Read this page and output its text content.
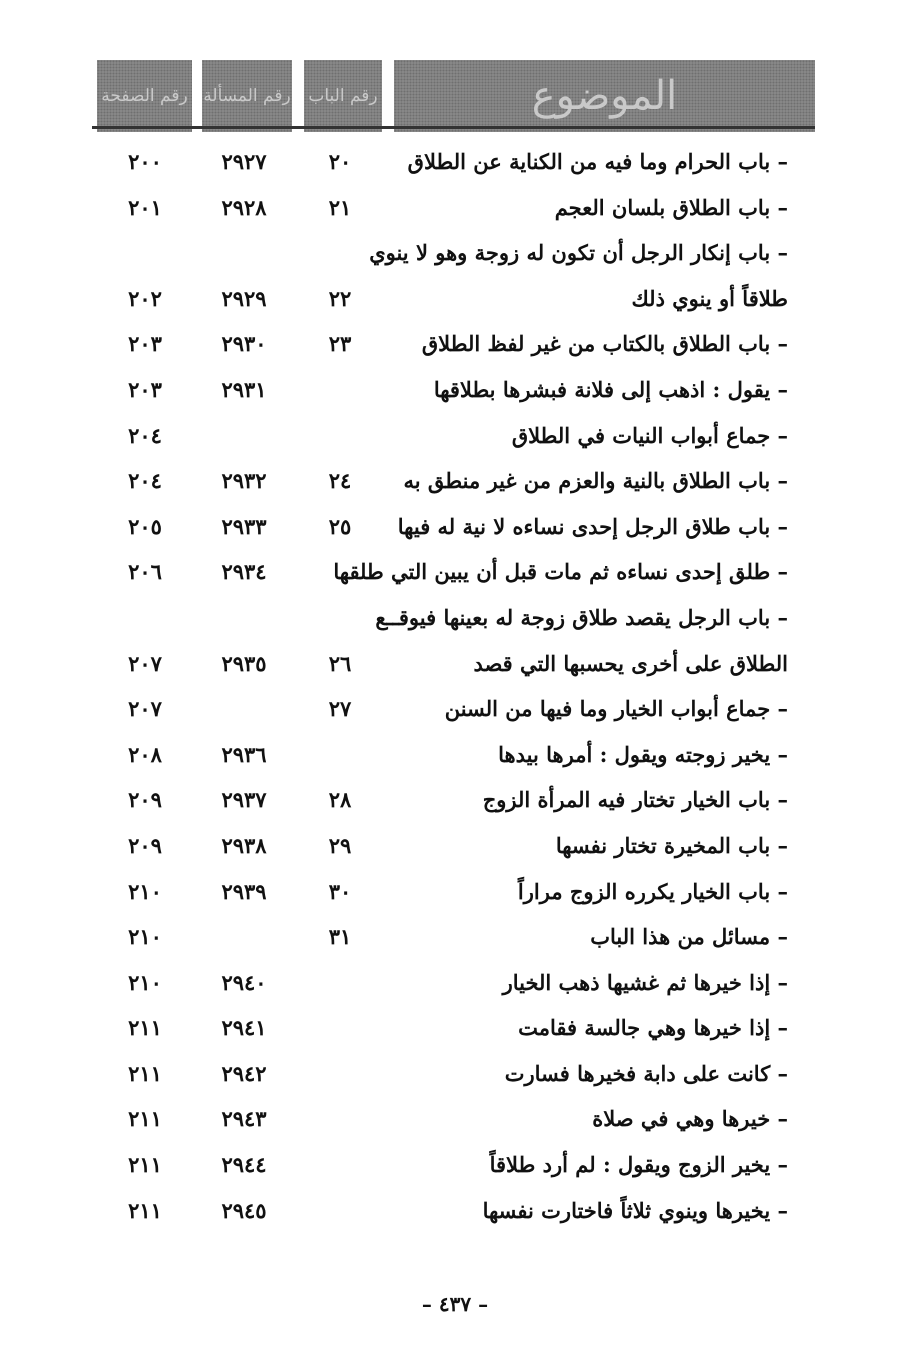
الموضوع
رقم الباب
رقم المسألة
رقم الصفحة
– باب الحرام وما فيه من الكناية عن الطلاق
٢٠
٢٩٢٧
٢٠٠
– باب الطلاق بلسان العجم
٢١
٢٩٢٨
٢٠١
– باب إنكار الرجل أن تكون له زوجة وهو لا ينوي
طلاقاً أو ينوي ذلك
٢٢
٢٩٢٩
٢٠٢
– باب الطلاق بالكتاب من غير لفظ الطلاق
٢٣
٢٩٣٠
٢٠٣
– يقول : اذهب إلى فلانة فبشرها بطلاقها
٢٩٣١
٢٠٣
– جماع أبواب النيات في الطلاق
٢٠٤
– باب الطلاق بالنية والعزم من غير منطق به
٢٤
٢٩٣٢
٢٠٤
– باب طلاق الرجل إحدى نساءه لا نية له فيها
٢٥
٢٩٣٣
٢٠٥
– طلق إحدى نساءه ثم مات قبل أن يبين التي طلقها
٢٩٣٤
٢٠٦
– باب الرجل يقصد طلاق زوجة له بعينها فيوقــع
الطلاق على أخرى يحسبها التي قصد
٢٦
٢٩٣٥
٢٠٧
– جماع أبواب الخيار وما فيها من السنن
٢٧
٢٠٧
– يخير زوجته ويقول : أمرها بيدها
٢٩٣٦
٢٠٨
– باب الخيار تختار فيه المرأة الزوج
٢٨
٢٩٣٧
٢٠٩
– باب المخيرة تختار نفسها
٢٩
٢٩٣٨
٢٠٩
– باب الخيار يكرره الزوج مراراً
٣٠
٢٩٣٩
٢١٠
– مسائل من هذا الباب
٣١
٢١٠
– إذا خيرها ثم غشيها ذهب الخيار
٢٩٤٠
٢١٠
– إذا خيرها وهي جالسة فقامت
٢٩٤١
٢١١
– كانت على دابة فخيرها فسارت
٢٩٤٢
٢١١
– خيرها وهي في صلاة
٢٩٤٣
٢١١
– يخير الزوج ويقول : لم أرد طلاقاً
٢٩٤٤
٢١١
– يخيرها وينوي ثلاثاً فاختارت نفسها
٢٩٤٥
٢١١
– ٤٣٧ –
